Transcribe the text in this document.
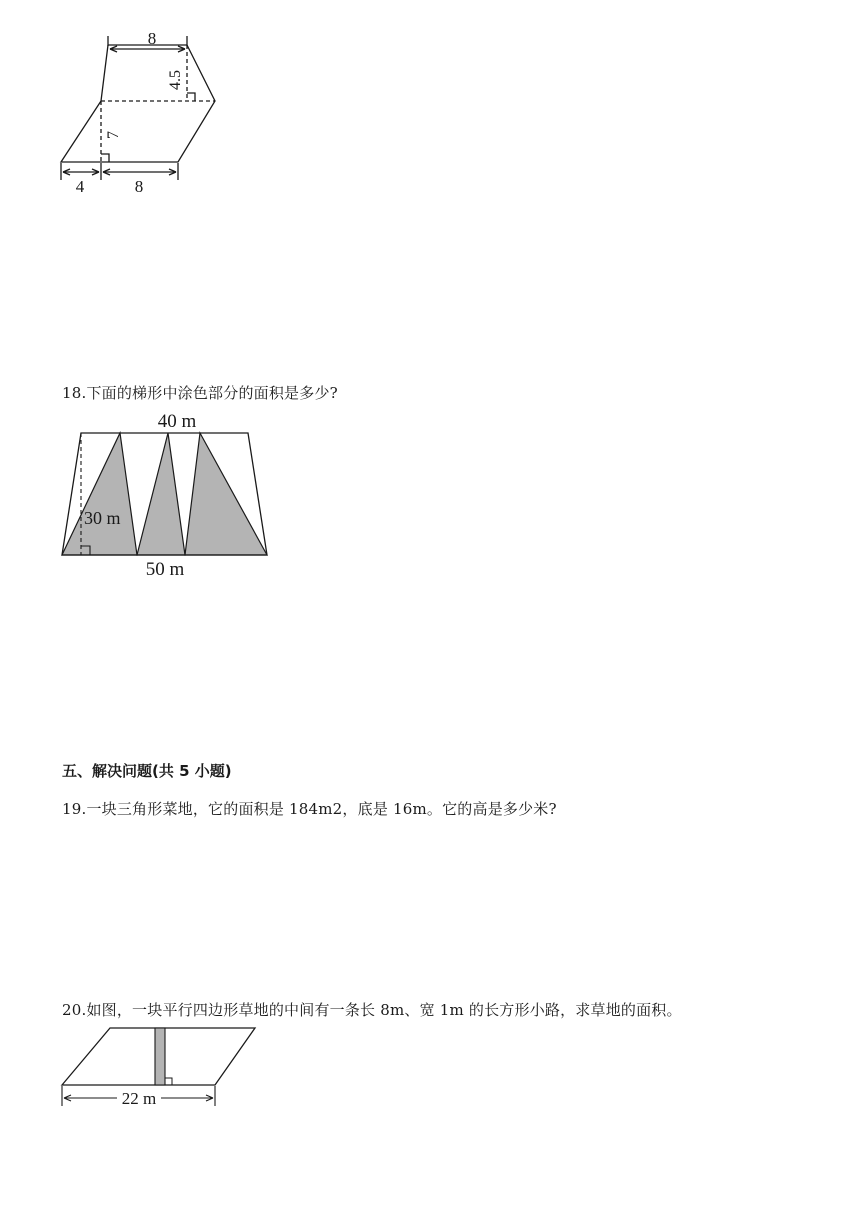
8
4.5
7
4	8
18.下面的梯形中涂色部分的面积是多少?
40 m
30 m
50 m
五、解决问题(共 5 小题)
19.一块三角形菜地，它的面积是 184m2，底是 16m。它的高是多少米?
20.如图，一块平行四边形草地的中间有一条长 8m、宽 1m 的长方形小路，求草地的面积。
22 m
